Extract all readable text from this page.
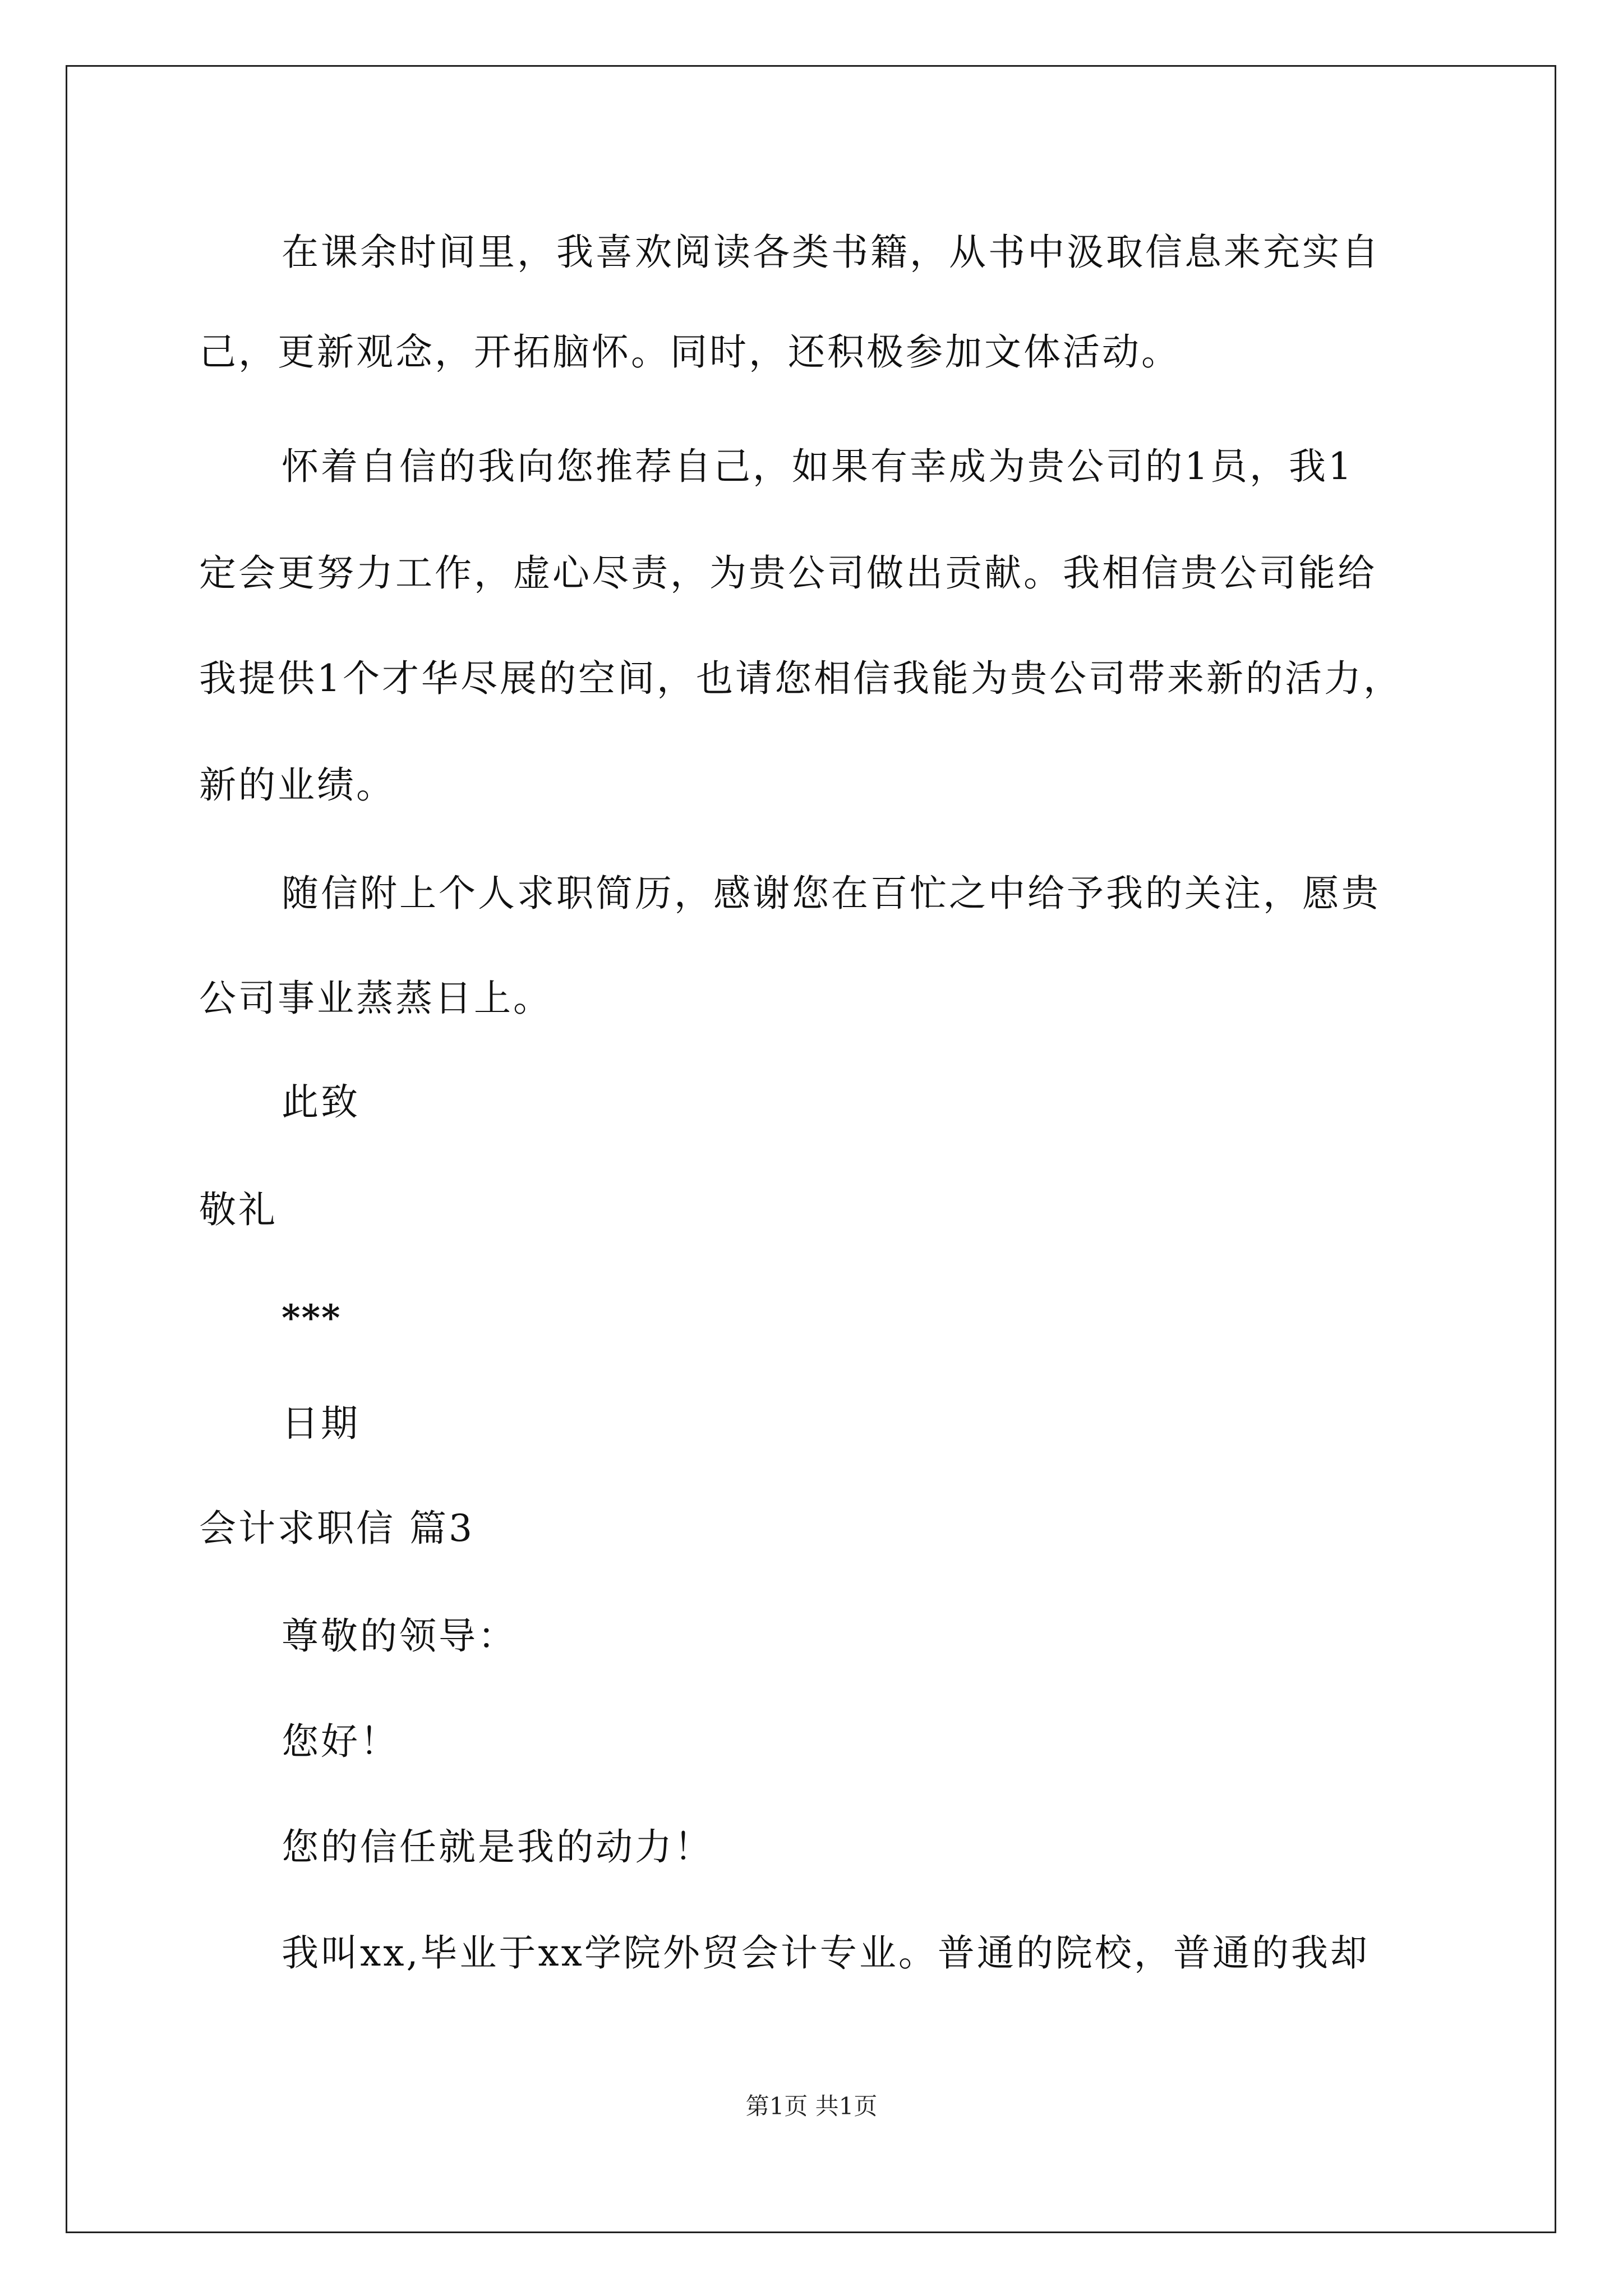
在课余时间里，我喜欢阅读各类书籍，从书中汲取信息来充实自
己，更新观念，开拓脑怀。同时，还积极参加文体活动。
怀着自信的我向您推荐自己，如果有幸成为贵公司的1员，我1
定会更努力工作，虚心尽责，为贵公司做出贡献。我相信贵公司能给
我提供1个才华尽展的空间，也请您相信我能为贵公司带来新的活力，
新的业绩。
随信附上个人求职简历，感谢您在百忙之中给予我的关注，愿贵
公司事业蒸蒸日上。
此致
敬礼
***
日期
会计求职信 篇3
尊敬的领导：
您好！
您的信任就是我的动力！
我叫xx,毕业于xx学院外贸会计专业。普通的院校，普通的我却
第1页 共1页
